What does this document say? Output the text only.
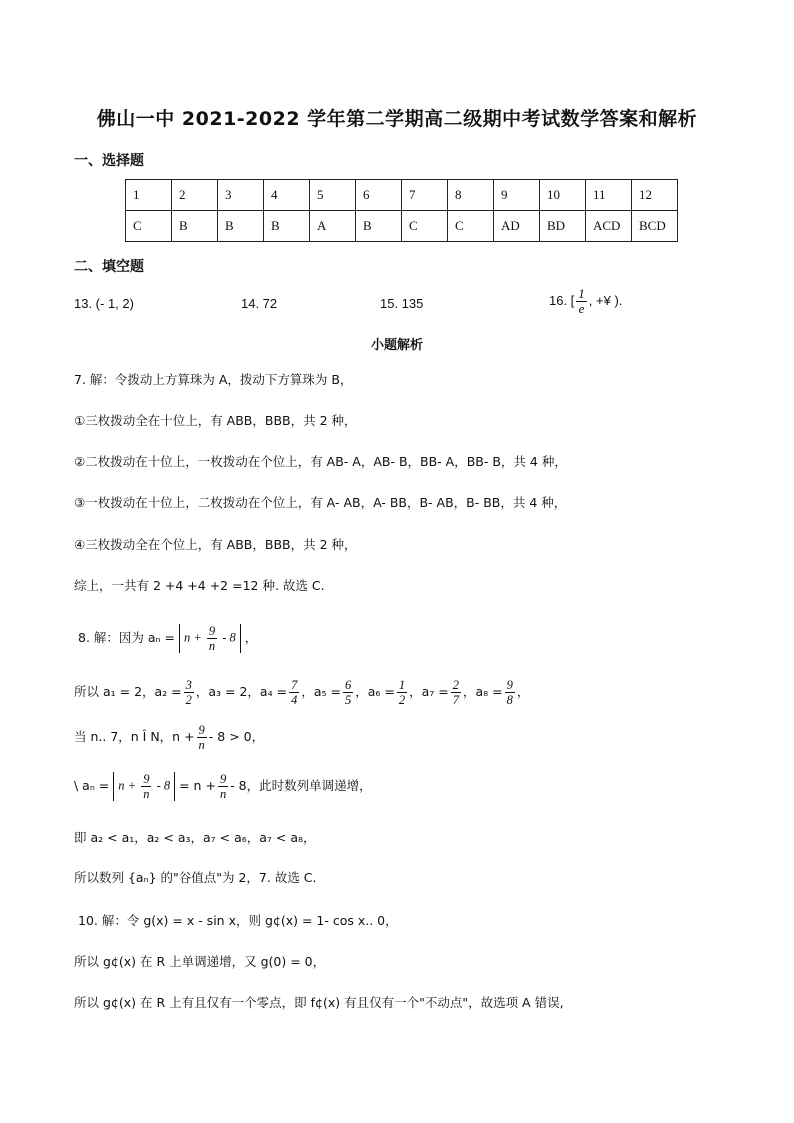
佛山一中 2021-2022 学年第二学期高二级期中考试数学答案和解析
一、选择题
1	2	3	4	5	6	7	8	9	10	11	12
C	B	B	B	A	B	C	C	AD	BD	ACD	BCD
二、填空题
13. (- 1, 2)	14. 72	15. 135	16. [ $\frac{1}{e}$ , +¥ ).
小题解析
7. 解：令拨动上方算珠为 A，拨动下方算珠为 B，
①三枚拨动全在十位上，有 ABB，BBB，共 2 种，
②二枚拨动在十位上，一枚拨动在个位上，有 AB- A，AB- B，BB- A，BB- B，共 4 种，
③一枚拨动在十位上，二枚拨动在个位上，有 A- AB，A- BB，B- AB，B- BB，共 4 种，
④三枚拨动全在个位上，有 ABB，BBB，共 2 种，
综上，一共有 2 +4 +4 +2 =12 种. 故选 C.
8. 解：因为 $a_n = n + \frac{9}{n} - 8$ ，
所以 a₁ = 2，$a_2 = \frac{3}{2}$ ，a₃ = 2，$a_4 = \frac{7}{4}$ ，$a_5 = \frac{6}{5}$ ，$a_6 = \frac{1}{2}$ ，$a_7 = \frac{2}{7}$ ，$a_8 = \frac{9}{8}$ ，
当 n.. 7，n Î N，$n + \frac{9}{n} - 8 > 0$，
\ $a_n = n + \frac{9}{n} - 8 = n + \frac{9}{n} - 8$，此时数列单调递增，
即 a₂ < a₁，a₂ < a₃，a₇ < a₆，a₇ < a₈，
所以数列 {aₙ} 的"谷值点"为 2，7. 故选 C.
10. 解：令 g(x) = x - sin x，则 g¢(x) = 1- cos x.. 0，
所以 g¢(x) 在 R 上单调递增，又 g(0) = 0，
所以 g¢(x) 在 R 上有且仅有一个零点，即 f¢(x) 有且仅有一个"不动点"，故选项 A 错误,
